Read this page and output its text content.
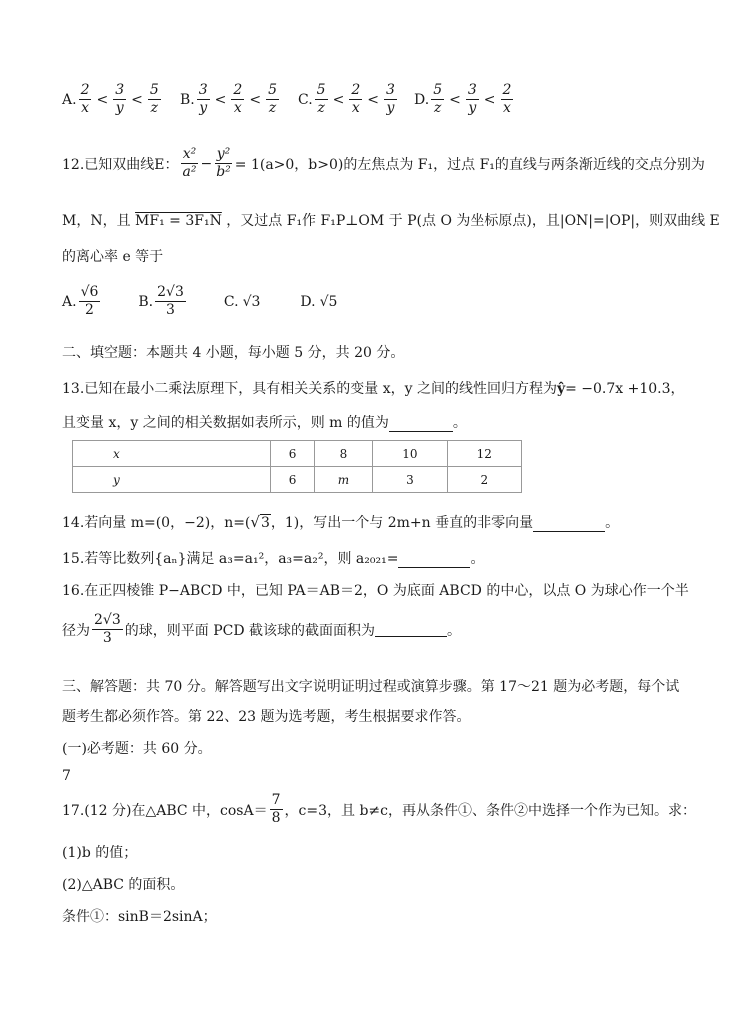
A. $\frac{2}{x} < \frac{3}{y} < \frac{5}{z} B$. $\frac{3}{y} < \frac{2}{x} < \frac{5}{z} C$. $\frac{5}{z} < \frac{2}{x} < \frac{3}{y} D$. $\frac{5}{z} < \frac{3}{y} < \frac{2}{x}$
12.已知双曲线E： $\frac{\text{x²}}{\text{a²}} - \frac{\text{y²}}{\text{b²}} = 1(a>0$，b>0)的左焦点为 F₁，过点 F₁的直线与两条渐近线的交点分别为
M，N，且 MF₁ = 3F₁N ，又过点 F₁作 F₁P⊥OM 于 P(点 O 为坐标原点)，且|ON|=|OP|，则双曲线 E
的离心率 e 等于
A. $\frac{√6}{2}$	B. $\frac{2√3}{3}$	C. √3	D. √5
二、填空题：本题共 4 小题，每小题 5 分，共 20 分。
13.已知在最小二乘法原理下，具有相关关系的变量 x，y 之间的线性回归方程为ŷ= −0.7x +10.3，
且变量 x，y 之间的相关数据如表所示，则 m 的值为	。
x	6	8	10	12
y	6	m	3	2
14.若向量 m=(0，−2)，n=(√3，1)，写出一个与 2m+n 垂直的非零向量	。
15.若等比数列{aₙ}满足 a₃=a₁²，a₃=a₂²，则 a₂₀₂₁=	。
16.在正四棱锥 P−ABCD 中，已知 PA＝AB＝2，O 为底面 ABCD 的中心，以点 O 为球心作一个半
径为 $\frac{2√3}{3}$ 的球，则平面 PCD 截该球的截面面积为	。
三、解答题：共 70 分。解答题写出文字说明证明过程或演算步骤。第 17～21 题为必考题，每个试
题考生都必须作答。第 22、23 题为选考题，考生根据要求作答。
(一)必考题：共 60 分。
7
17.(12 分)在△ABC 中，$\cos A= \frac{7}{8}$ ，c=3，且 b≠c，再从条件①、条件②中选择一个作为已知。求：
(1)b 的值；
(2)△ABC 的面积。
条件①：sinB＝2sinA；
